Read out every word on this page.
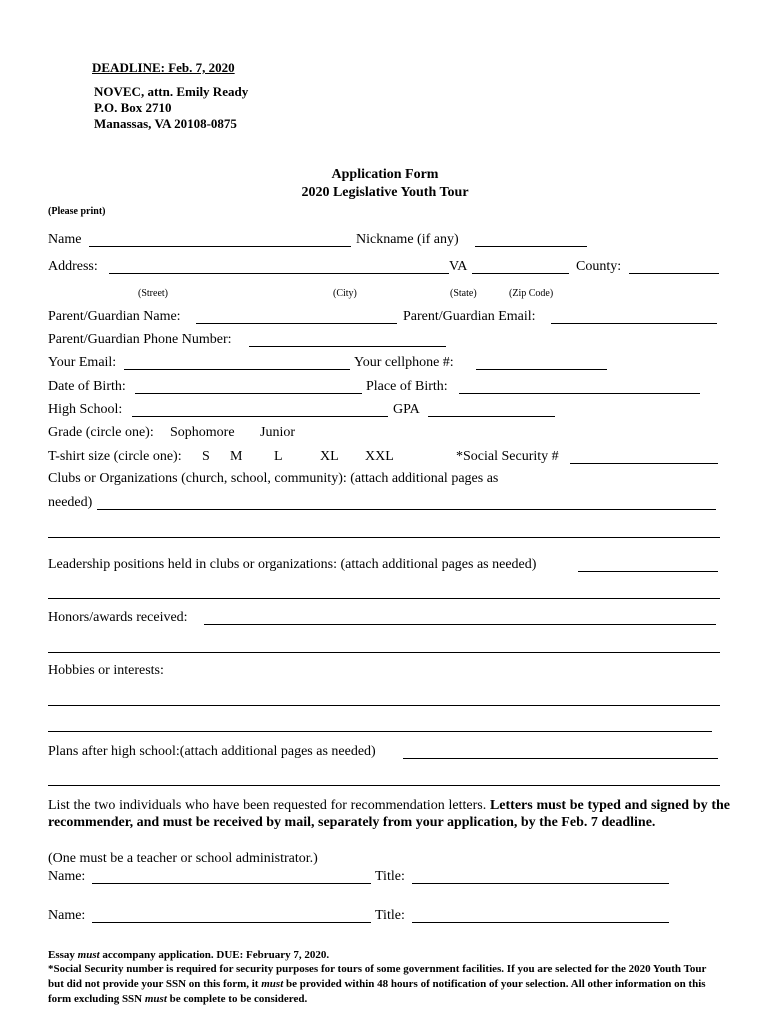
DEADLINE: Feb. 7, 2020
NOVEC, attn. Emily Ready
P.O. Box 2710
Manassas, VA 20108-0875
Application Form
2020 Legislative Youth Tour
(Please print)
Name	Nickname (if any)
Address:	VA	County:
(Street)	(City)	(State)	(Zip Code)
Parent/Guardian Name:	Parent/Guardian Email:
Parent/Guardian Phone Number:
Your Email:	Your cellphone #:
Date of Birth:	Place of Birth:
High School:	GPA
Grade (circle one): Sophomore Junior
T-shirt size (circle one): S M L	XL XXL	*Social Security #
Clubs or Organizations (church, school, community): (attach additional pages as
needed)
Leadership positions held in clubs or organizations: (attach additional pages as needed)
Honors/awards received:
Hobbies or interests:
Plans after high school:(attach additional pages as needed)
List the two individuals who have been requested for recommendation letters. Letters must be typed and signed by the recommender, and must be received by mail, separately from your application, by the Feb. 7 deadline.
(One must be a teacher or school administrator.)
Name:	Title:
Name:	Title:
Essay must accompany application. DUE: February 7, 2020.
*Social Security number is required for security purposes for tours of some government facilities. If you are selected for the 2020 Youth Tour but did not provide your SSN on this form, it must be provided within 48 hours of notification of your selection. All other information on this form excluding SSN must be complete to be considered.
